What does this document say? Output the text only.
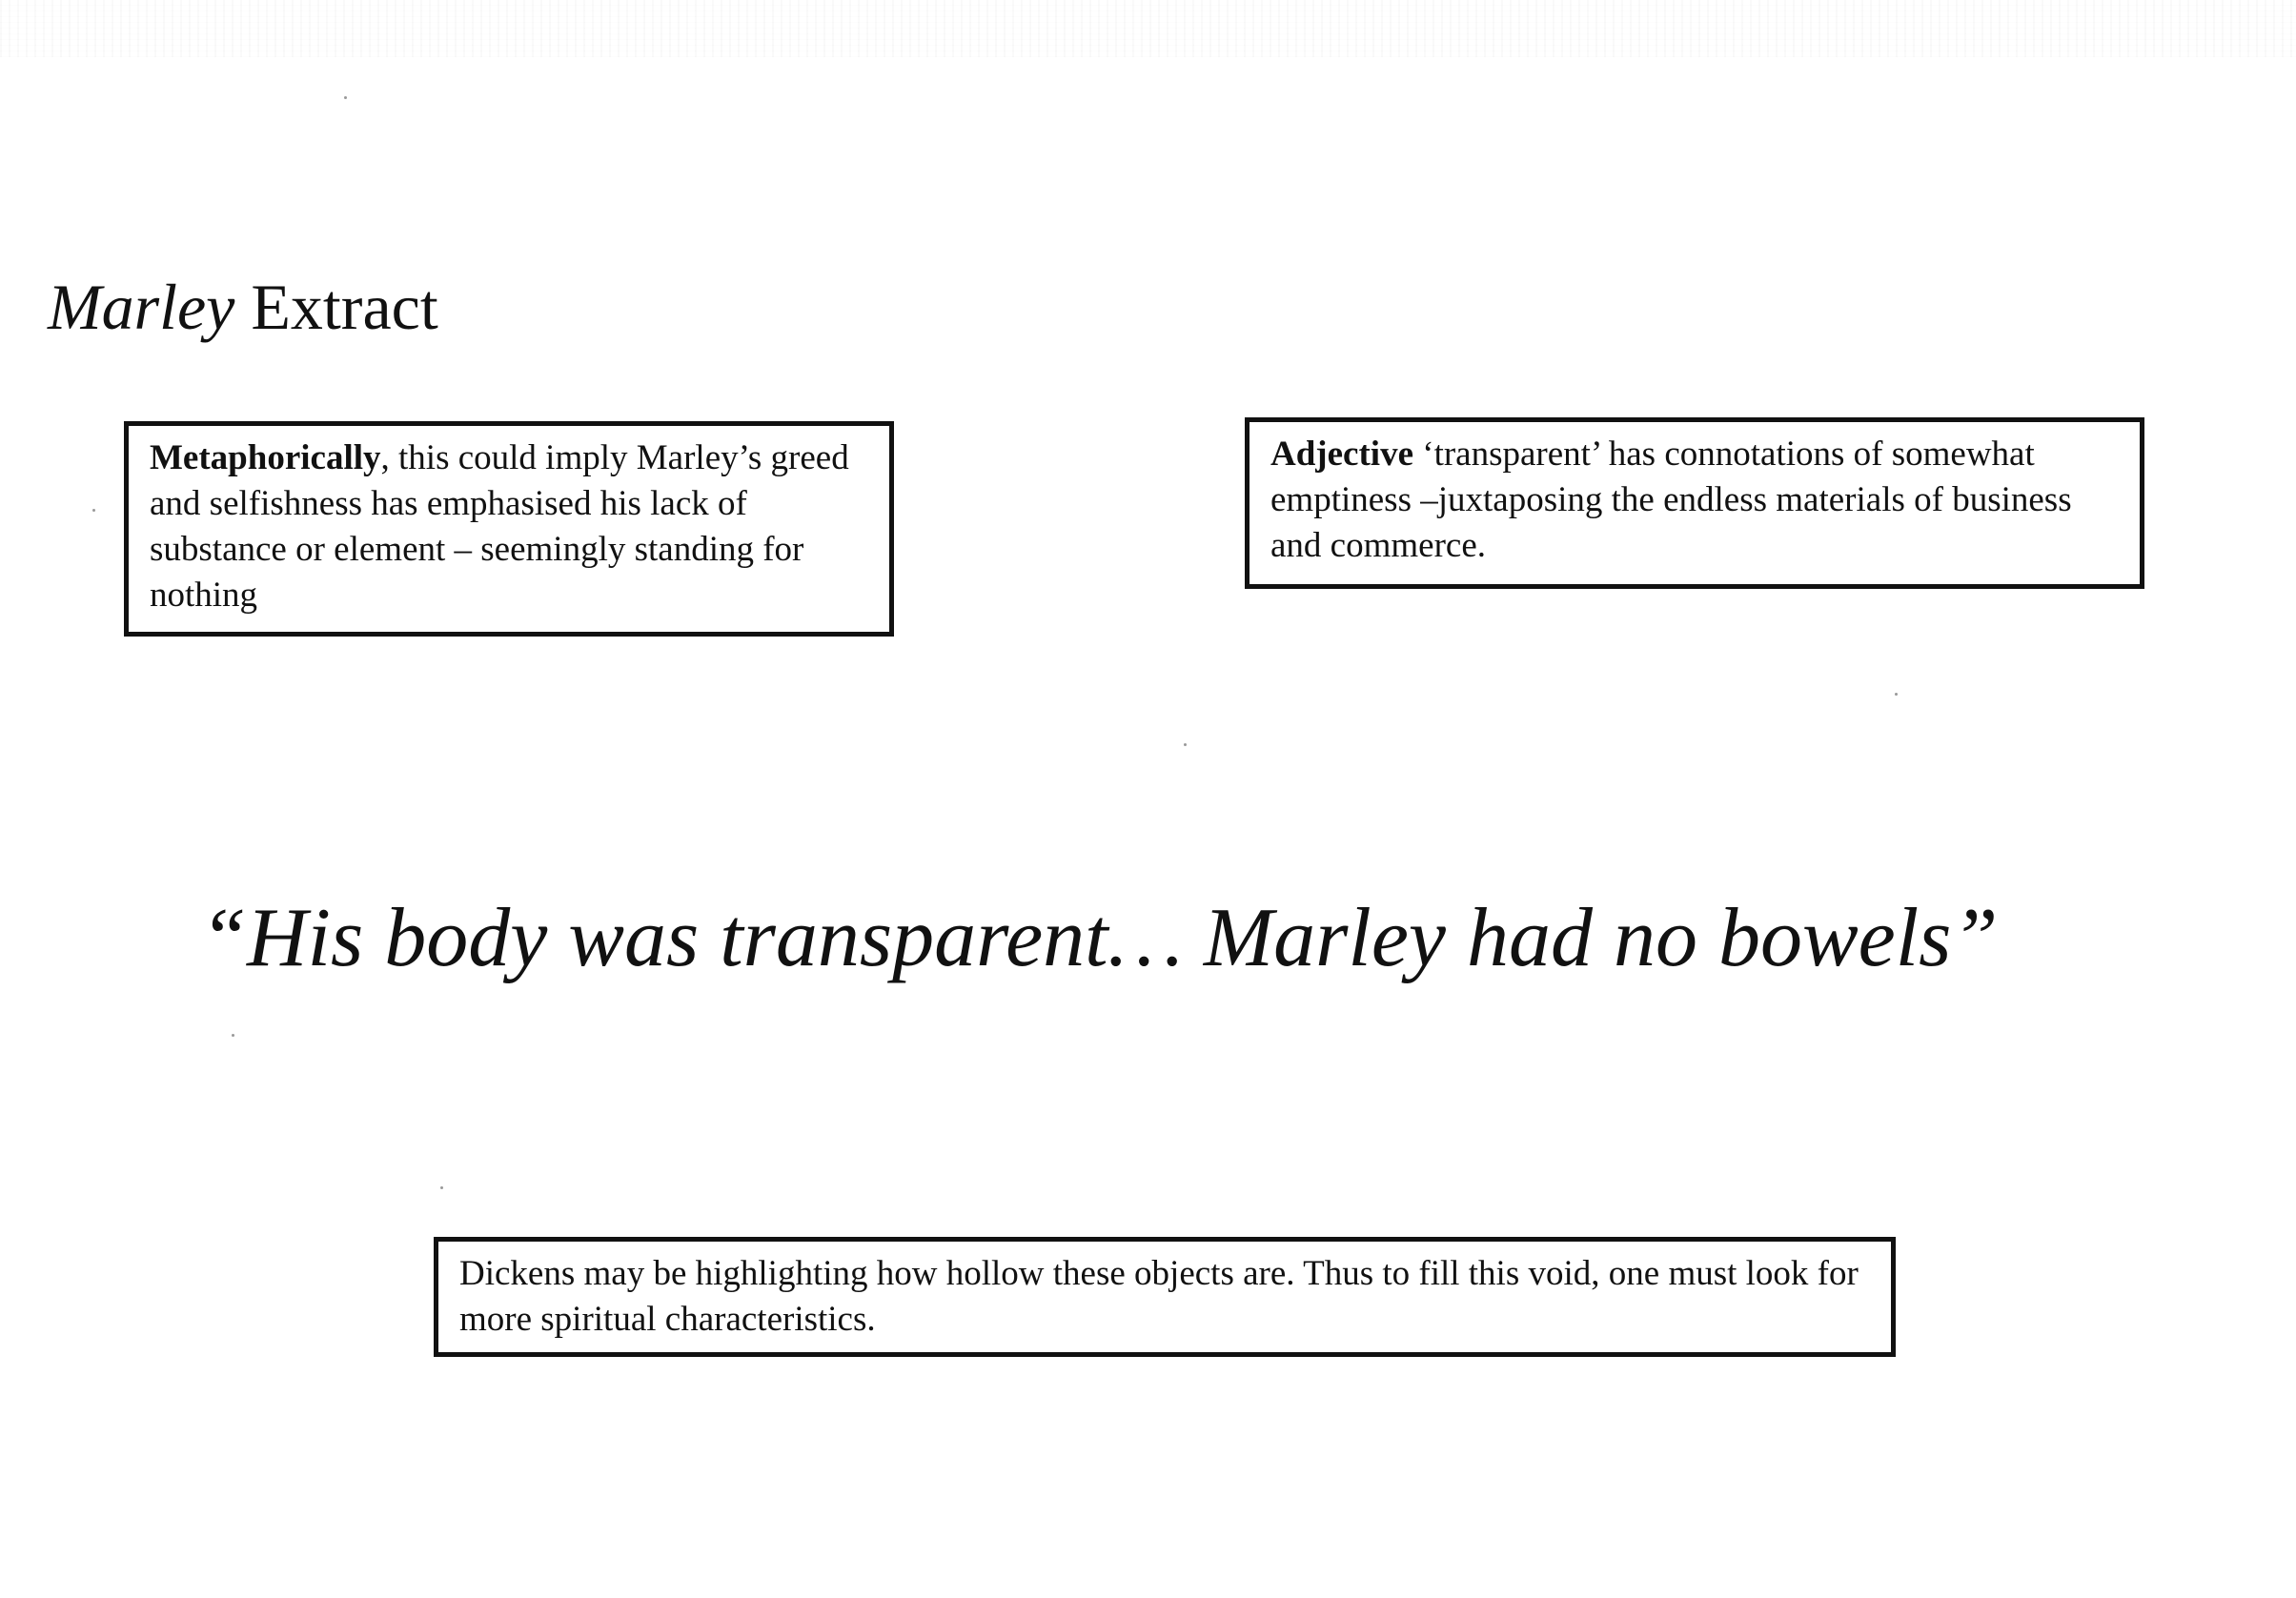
Marley Extract
Metaphorically, this could imply Marley’s greed and selfishness has emphasised his lack of substance or element – seemingly standing for nothing
Adjective ‘transparent’ has connotations of somewhat emptiness –juxtaposing the endless materials of business and commerce.
“His body was transparent… Marley had no bowels”
Dickens may be highlighting how hollow these objects are. Thus to fill this void, one must look for more spiritual characteristics.
